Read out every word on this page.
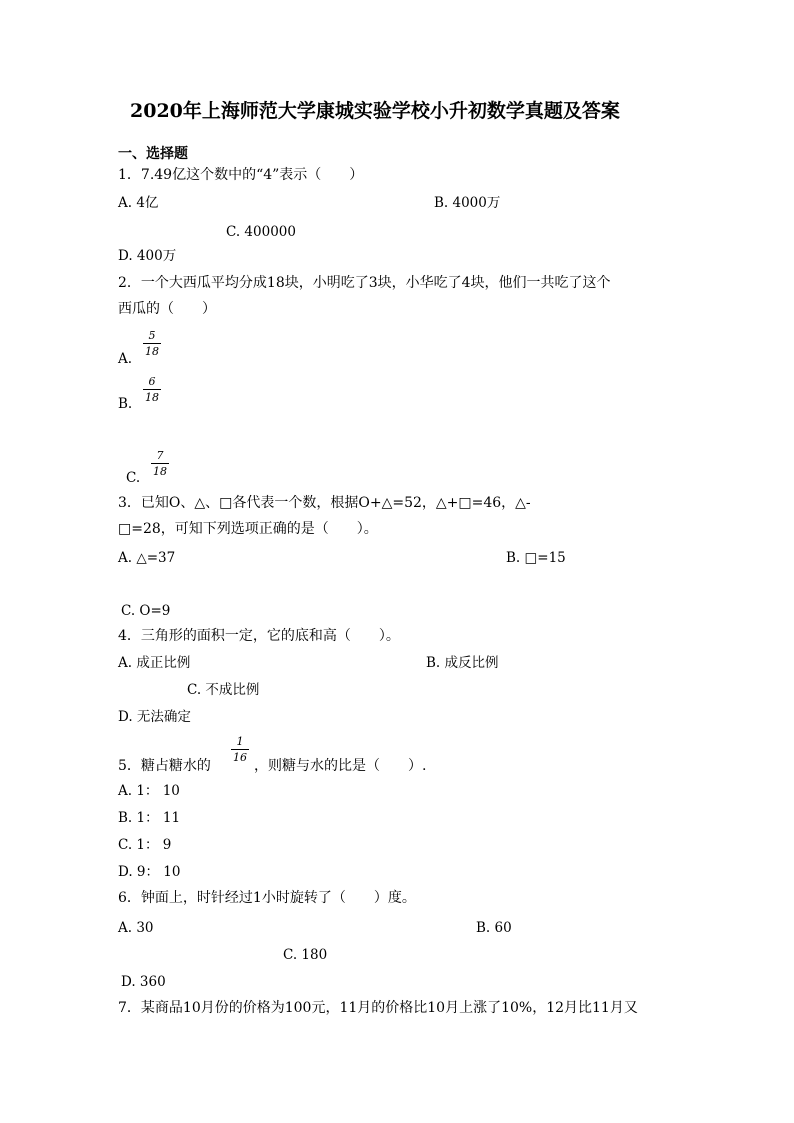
2020年上海师范大学康城实验学校小升初数学真题及答案
一、选择题
1．7.49亿这个数中的“4”表示（　　）
A. 4亿	B. 4000万
C. 400000
D. 400万
2．一个大西瓜平均分成18块，小明吃了3块，小华吃了4块，他们一共吃了这个
西瓜的（　　）
A.
5
18
B.
6
18
C.
7
18
3．已知O、△、□各代表一个数，根据O+△=52，△+□=46，△-
□=28，可知下列选项正确的是（　　）。
A. △=37	B. □=15
C. O=9
4．三角形的面积一定，它的底和高（　　）。
A. 成正比例	B. 成反比例
C. 不成比例
D. 无法确定
5．糖占糖水的
1
16
，则糖与水的比是（　　）.
A. 1： 10
B. 1： 11
C. 1： 9
D. 9： 10
6．钟面上，时针经过1小时旋转了（　　）度。
A. 30	B. 60
C. 180
D. 360
7．某商品10月份的价格为100元，11月的价格比10月上涨了10%，12月比11月又
